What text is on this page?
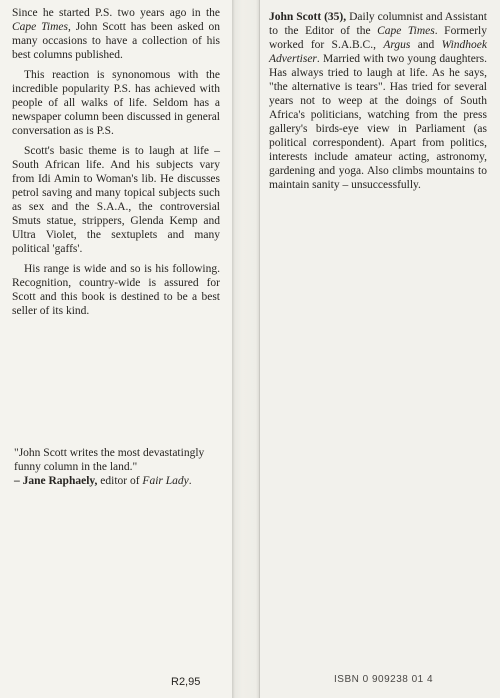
Since he started P.S. two years ago in the Cape Times, John Scott has been asked on many occasions to have a collection of his best columns published.

This reaction is synonomous with the incredible popularity P.S. has achieved with people of all walks of life. Seldom has a newspaper column been discussed in general conversation as is P.S.

Scott's basic theme is to laugh at life – South African life. And his subjects vary from Idi Amin to Woman's lib. He discusses petrol saving and many topical subjects such as sex and the S.A.A., the controversial Smuts statue, strippers, Glenda Kemp and Ultra Violet, the sextuplets and many political 'gaffs'.

His range is wide and so is his following. Recognition, country-wide is assured for Scott and this book is destined to be a best seller of its kind.

"John Scott writes the most devastatingly funny column in the land."
– Jane Raphaely, editor of Fair Lady.
R2,95

John Scott (35), Daily columnist and Assistant to the Editor of the Cape Times. Formerly worked for S.A.B.C., Argus and Windhoek Advertiser. Married with two young daughters. Has always tried to laugh at life. As he says, "the alternative is tears". Has tried for several years not to weep at the doings of South Africa's politicians, watching from the press gallery's birds-eye view in Parliament (as political correspondent). Apart from politics, interests include amateur acting, astronomy, gardening and yoga. Also climbs mountains to maintain sanity – unsuccessfully.

ISBN 0 909238 01 4
